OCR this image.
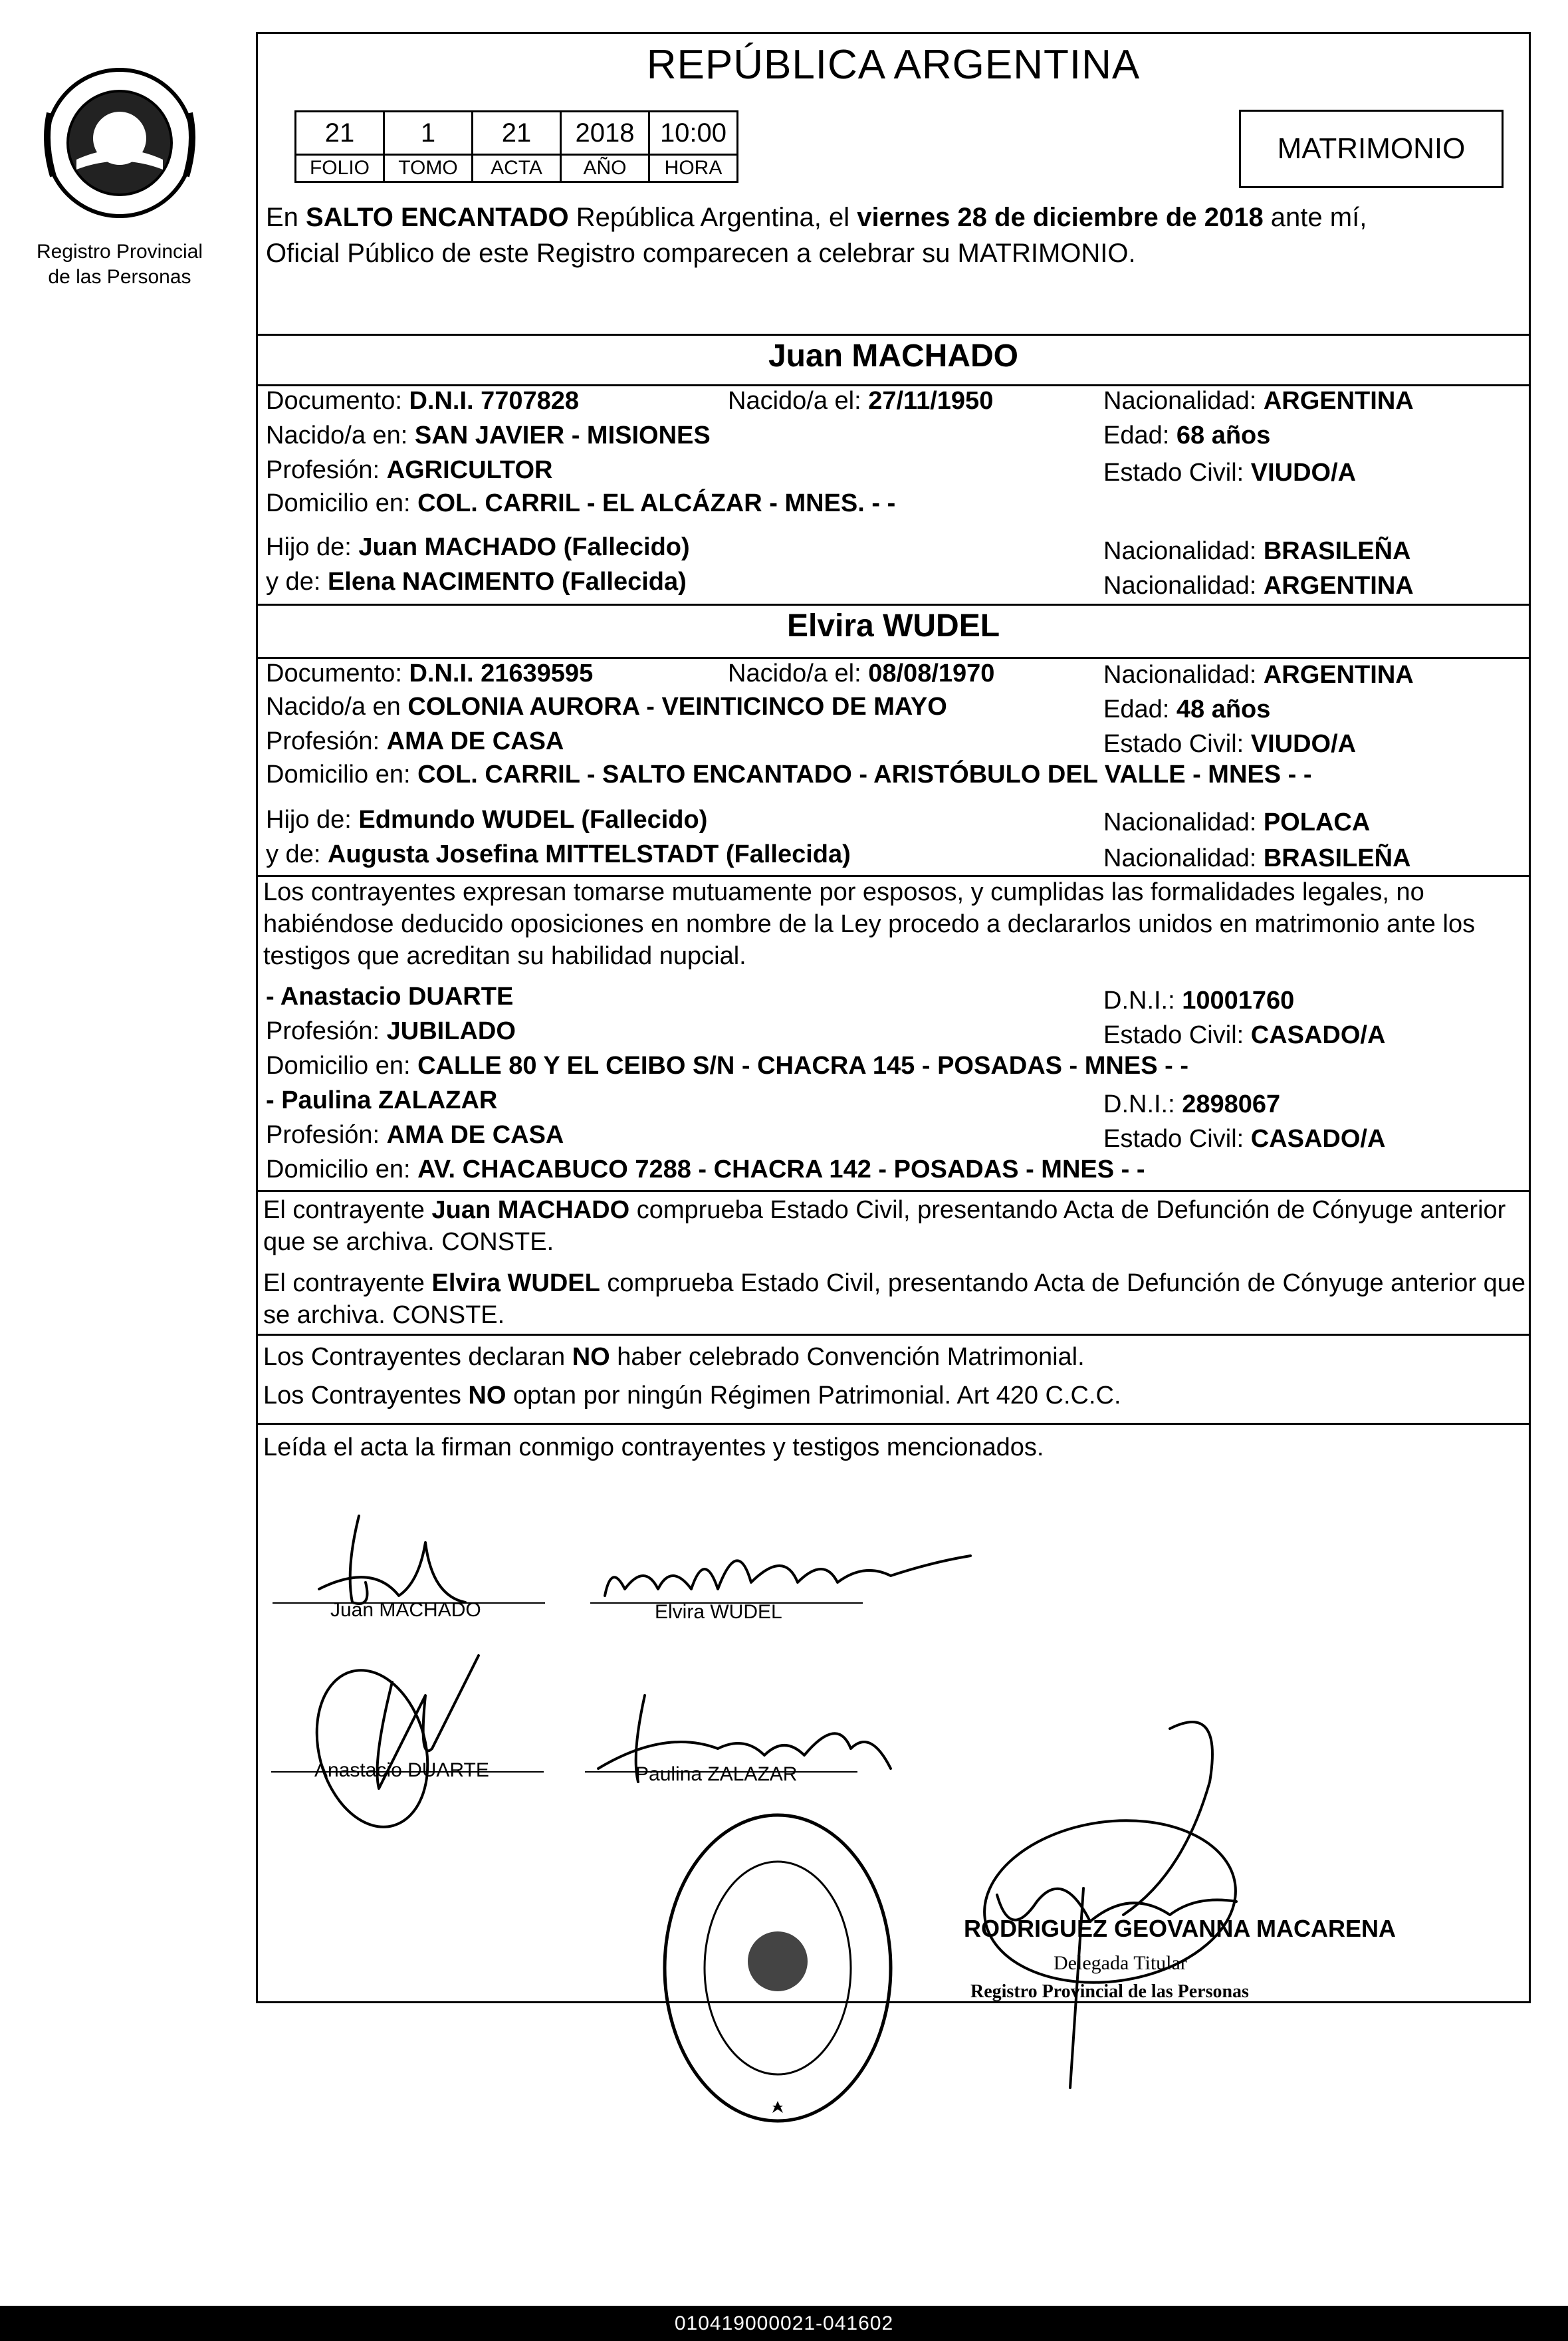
Registro Provincial
de las Personas
REPÚBLICA ARGENTINA
21	1	21	2018	10:00
FOLIO	TOMO	ACTA	AÑO	HORA
MATRIMONIO
En SALTO ENCANTADO República Argentina, el viernes 28 de diciembre de 2018 ante mí,
Oficial Público de este Registro comparecen a celebrar su MATRIMONIO.
Juan MACHADO
Documento: D.N.I. 7707828	Nacido/a el: 27/11/1950	Nacionalidad: ARGENTINA
Nacido/a en: SAN JAVIER - MISIONES	Edad: 68 años
Profesión: AGRICULTOR	Estado Civil: VIUDO/A
Domicilio en: COL. CARRIL - EL ALCÁZAR - MNES. - -
Hijo de: Juan MACHADO (Fallecido)	Nacionalidad: BRASILEÑA
y de: Elena NACIMENTO (Fallecida)	Nacionalidad: ARGENTINA
Elvira WUDEL
Documento: D.N.I. 21639595	Nacido/a el: 08/08/1970	Nacionalidad: ARGENTINA
Nacido/a en COLONIA AURORA - VEINTICINCO DE MAYO	Edad: 48 años
Profesión: AMA DE CASA	Estado Civil: VIUDO/A
Domicilio en: COL. CARRIL - SALTO ENCANTADO - ARISTÓBULO DEL VALLE - MNES - -
Hijo de: Edmundo WUDEL (Fallecido)	Nacionalidad: POLACA
y de: Augusta Josefina MITTELSTADT (Fallecida)	Nacionalidad: BRASILEÑA
Los contrayentes expresan tomarse mutuamente por esposos, y cumplidas las formalidades legales, no habiéndose deducido oposiciones en nombre de la Ley procedo a declararlos unidos en matrimonio ante los testigos que acreditan su habilidad nupcial.
- Anastacio DUARTE	D.N.I.: 10001760
Profesión: JUBILADO	Estado Civil: CASADO/A
Domicilio en: CALLE 80 Y EL CEIBO S/N - CHACRA 145 - POSADAS - MNES - -
- Paulina ZALAZAR	D.N.I.: 2898067
Profesión: AMA DE CASA	Estado Civil: CASADO/A
Domicilio en: AV. CHACABUCO 7288 - CHACRA 142 - POSADAS - MNES - -
El contrayente Juan MACHADO comprueba Estado Civil, presentando Acta de Defunción de Cónyuge anterior que se archiva. CONSTE.
El contrayente Elvira WUDEL comprueba Estado Civil, presentando Acta de Defunción de Cónyuge anterior que se archiva. CONSTE.
Los Contrayentes declaran NO haber celebrado Convención Matrimonial.
Los Contrayentes NO optan por ningún Régimen Patrimonial. Art 420 C.C.C.
Leída el acta la firman conmigo contrayentes y testigos mencionados.
Juan MACHADO	Elvira WUDEL
Anastacio DUARTE	Paulina ZALAZAR
RODRIGUEZ GEOVANNA MACARENA
Delegada Titular
Registro Provincial de las Personas
010419000021-041602
